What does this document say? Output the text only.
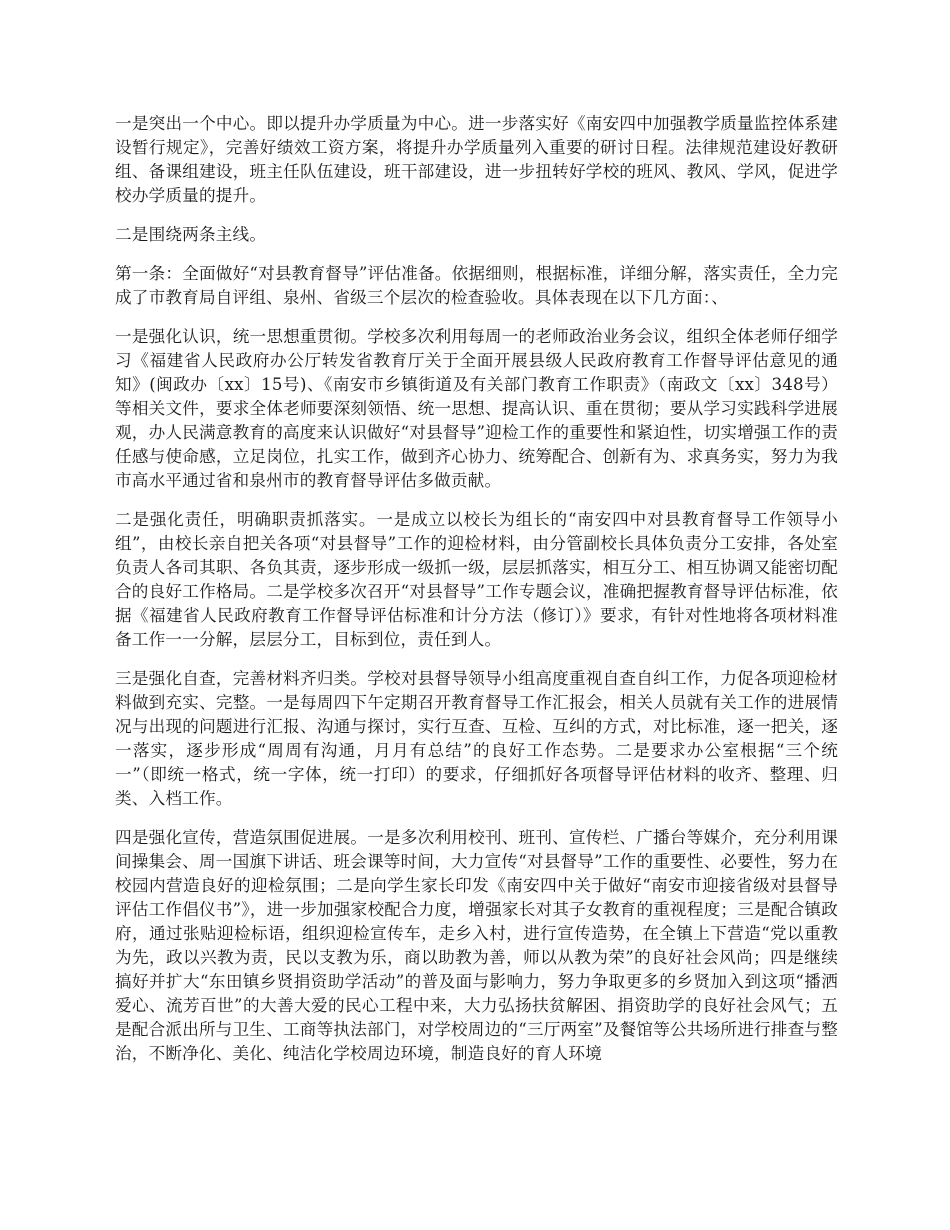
一是突出一个中心。即以提升办学质量为中心。进一步落实好《南安四中加强教学质量监控体系建设暂行规定》，完善好绩效工资方案，将提升办学质量列入重要的研讨日程。法律规范建设好教研组、备课组建设，班主任队伍建设，班干部建设，进一步扭转好学校的班风、教风、学风，促进学校办学质量的提升。

二是围绕两条主线。

第一条：全面做好“对县教育督导”评估准备。依据细则，根据标准，详细分解，落实责任，全力完成了市教育局自评组、泉州、省级三个层次的检查验收。具体表现在以下几方面：、

一是强化认识，统一思想重贯彻。学校多次利用每周一的老师政治业务会议，组织全体老师仔细学习《福建省人民政府办公厅转发省教育厅关于全面开展县级人民政府教育工作督导评估意见的通知》(闽政办〔xx〕15号)、《南安市乡镇街道及有关部门教育工作职责》（南政文〔xx〕348号）等相关文件，要求全体老师要深刻领悟、统一思想、提高认识、重在贯彻；要从学习实践科学进展观，办人民满意教育的高度来认识做好“对县督导”迎检工作的重要性和紧迫性，切实增强工作的责任感与使命感，立足岗位，扎实工作，做到齐心协力、统筹配合、创新有为、求真务实，努力为我市高水平通过省和泉州市的教育督导评估多做贡献。

二是强化责任，明确职责抓落实。一是成立以校长为组长的“南安四中对县教育督导工作领导小组”，由校长亲自把关各项“对县督导”工作的迎检材料，由分管副校长具体负责分工安排，各处室负责人各司其职、各负其责，逐步形成一级抓一级，层层抓落实，相互分工、相互协调又能密切配合的良好工作格局。二是学校多次召开“对县督导”工作专题会议，准确把握教育督导评估标准，依据《福建省人民政府教育工作督导评估标准和计分方法（修订）》要求，有针对性地将各项材料准备工作一一分解，层层分工，目标到位，责任到人。

三是强化自查，完善材料齐归类。学校对县督导领导小组高度重视自查自纠工作，力促各项迎检材料做到充实、完整。一是每周四下午定期召开教育督导工作汇报会，相关人员就有关工作的进展情况与出现的问题进行汇报、沟通与探讨，实行互查、互检、互纠的方式，对比标准，逐一把关，逐一落实，逐步形成“周周有沟通，月月有总结”的良好工作态势。二是要求办公室根据“三个统一”（即统一格式，统一字体，统一打印）的要求，仔细抓好各项督导评估材料的收齐、整理、归类、入档工作。

四是强化宣传，营造氛围促进展。一是多次利用校刊、班刊、宣传栏、广播台等媒介，充分利用课间操集会、周一国旗下讲话、班会课等时间，大力宣传“对县督导”工作的重要性、必要性，努力在校园内营造良好的迎检氛围；二是向学生家长印发《南安四中关于做好“南安市迎接省级对县督导评估工作倡仪书”》，进一步加强家校配合力度，增强家长对其子女教育的重视程度；三是配合镇政府，通过张贴迎检标语，组织迎检宣传车，走乡入村，进行宣传造势，在全镇上下营造“党以重教为先，政以兴教为责，民以支教为乐，商以助教为善，师以从教为荣”的良好社会风尚；四是继续搞好并扩大“东田镇乡贤捐资助学活动”的普及面与影响力，努力争取更多的乡贤加入到这项“播洒爱心、流芳百世”的大善大爱的民心工程中来，大力弘扬扶贫解困、捐资助学的良好社会风气；五是配合派出所与卫生、工商等执法部门，对学校周边的“三厅两室”及餐馆等公共场所进行排查与整治，不断净化、美化、纯洁化学校周边环境，制造良好的育人环境
